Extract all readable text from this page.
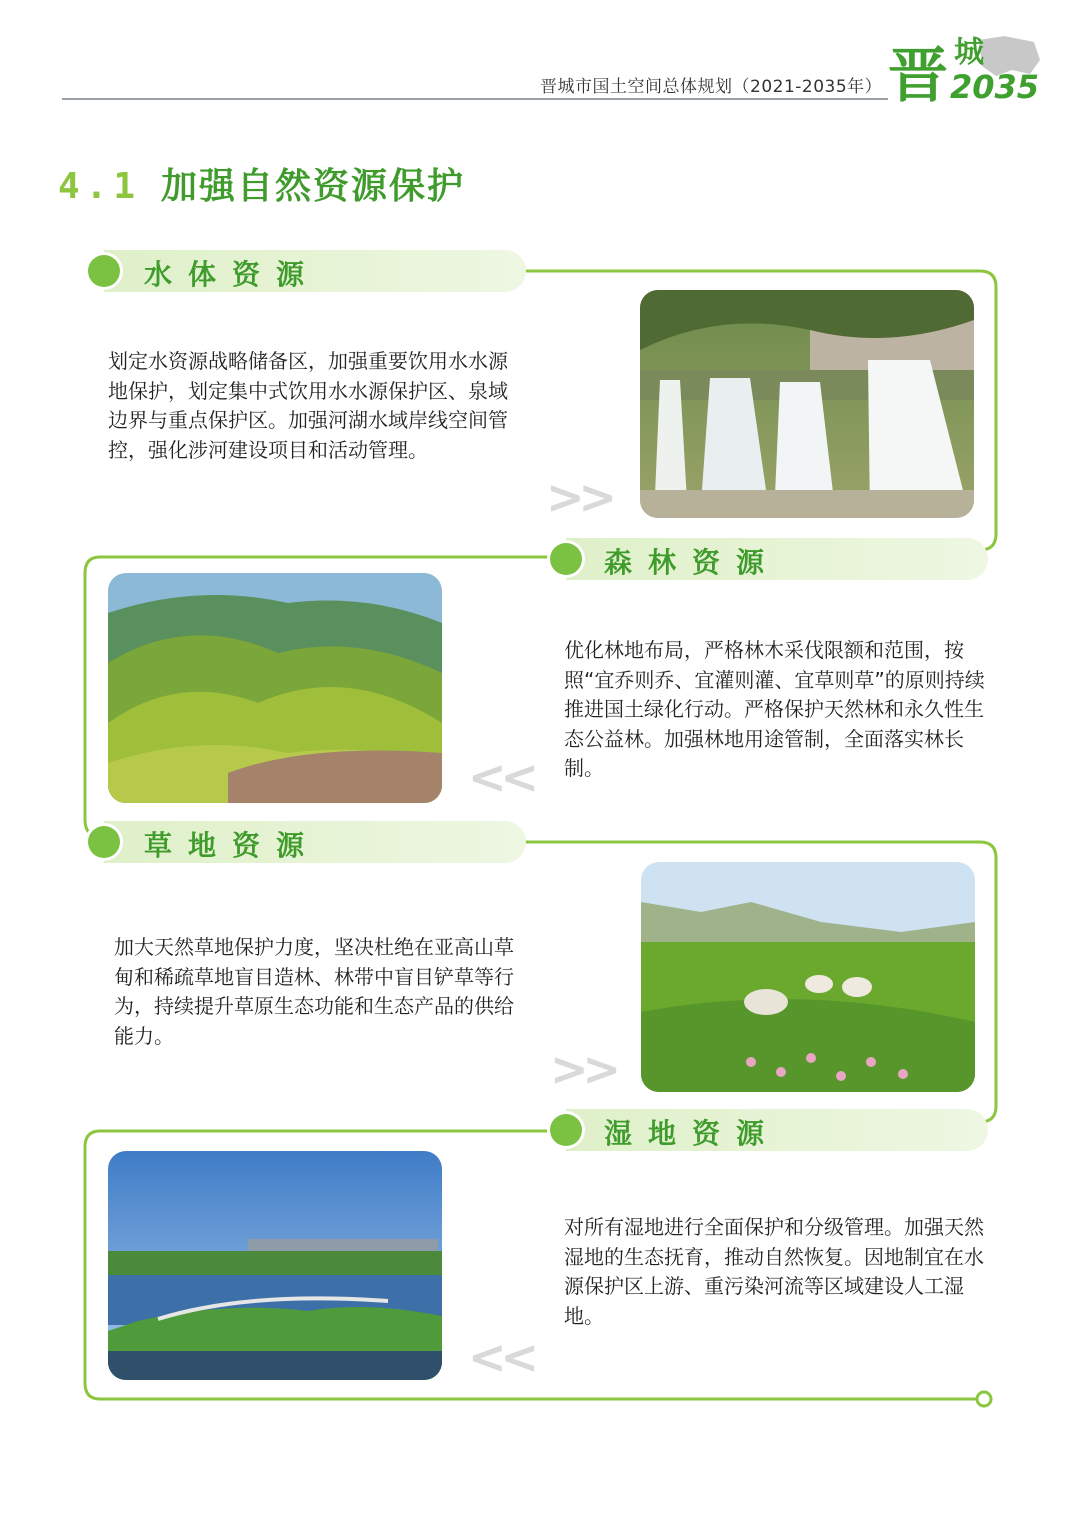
晋城市国土空间总体规划（2021-2035年） 晋 城
2035
4.1 加强自然资源保护
水体资源
划定水资源战略储备区，加强重要饮用水水源地保护，划定集中式饮用水水源保护区、泉域边界与重点保护区。加强河湖水域岸线空间管控，强化涉河建设项目和活动管理。
>>
森林资源
<<
优化林地布局，严格林木采伐限额和范围，按照“宜乔则乔、宜灌则灌、宜草则草”的原则持续推进国土绿化行动。严格保护天然林和永久性生态公益林。加强林地用途管制，全面落实林长制。
草地资源
加大天然草地保护力度，坚决杜绝在亚高山草甸和稀疏草地盲目造林、林带中盲目铲草等行为，持续提升草原生态功能和生态产品的供给能力。
>>
湿地资源
<<
对所有湿地进行全面保护和分级管理。加强天然湿地的生态抚育，推动自然恢复。因地制宜在水源保护区上游、重污染河流等区域建设人工湿地。
